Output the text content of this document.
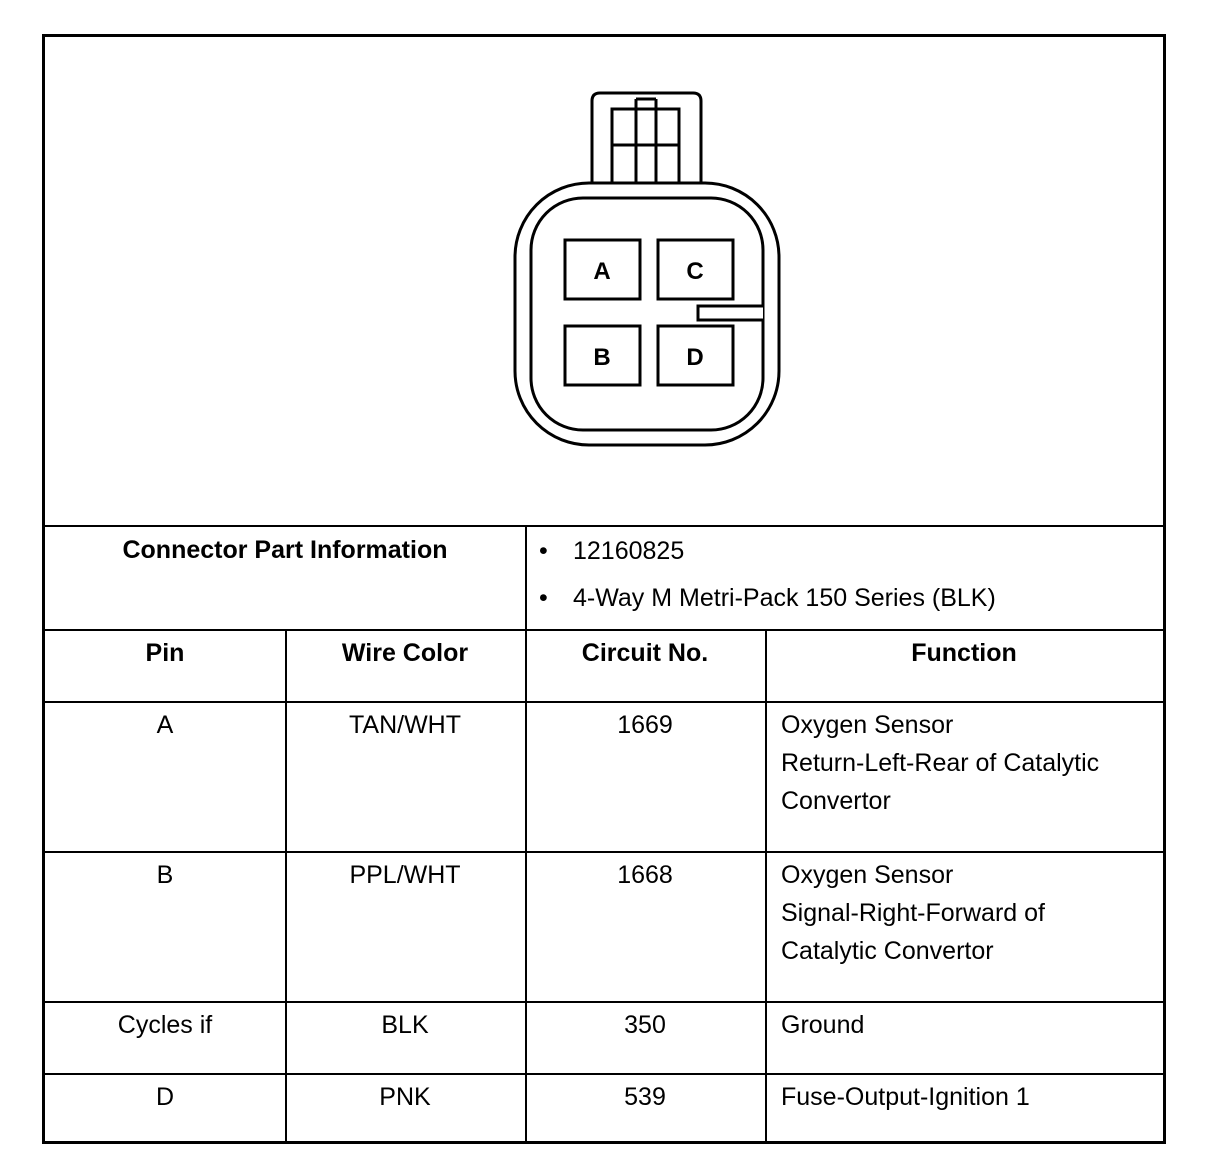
A	C
B	D
Connector Part Information
•	12160825
• 4-Way M Metri-Pack 150 Series (BLK)
Pin	Wire Color	Circuit No.	Function
A	TAN/WHT	1669	Oxygen Sensor
Return-Left-Rear of Catalytic
Convertor
B	PPL/WHT	1668	Oxygen Sensor
Signal-Right-Forward of
Catalytic Convertor
Cycles if	BLK	350	Ground
D	PNK	539	Fuse-Output-Ignition 1
